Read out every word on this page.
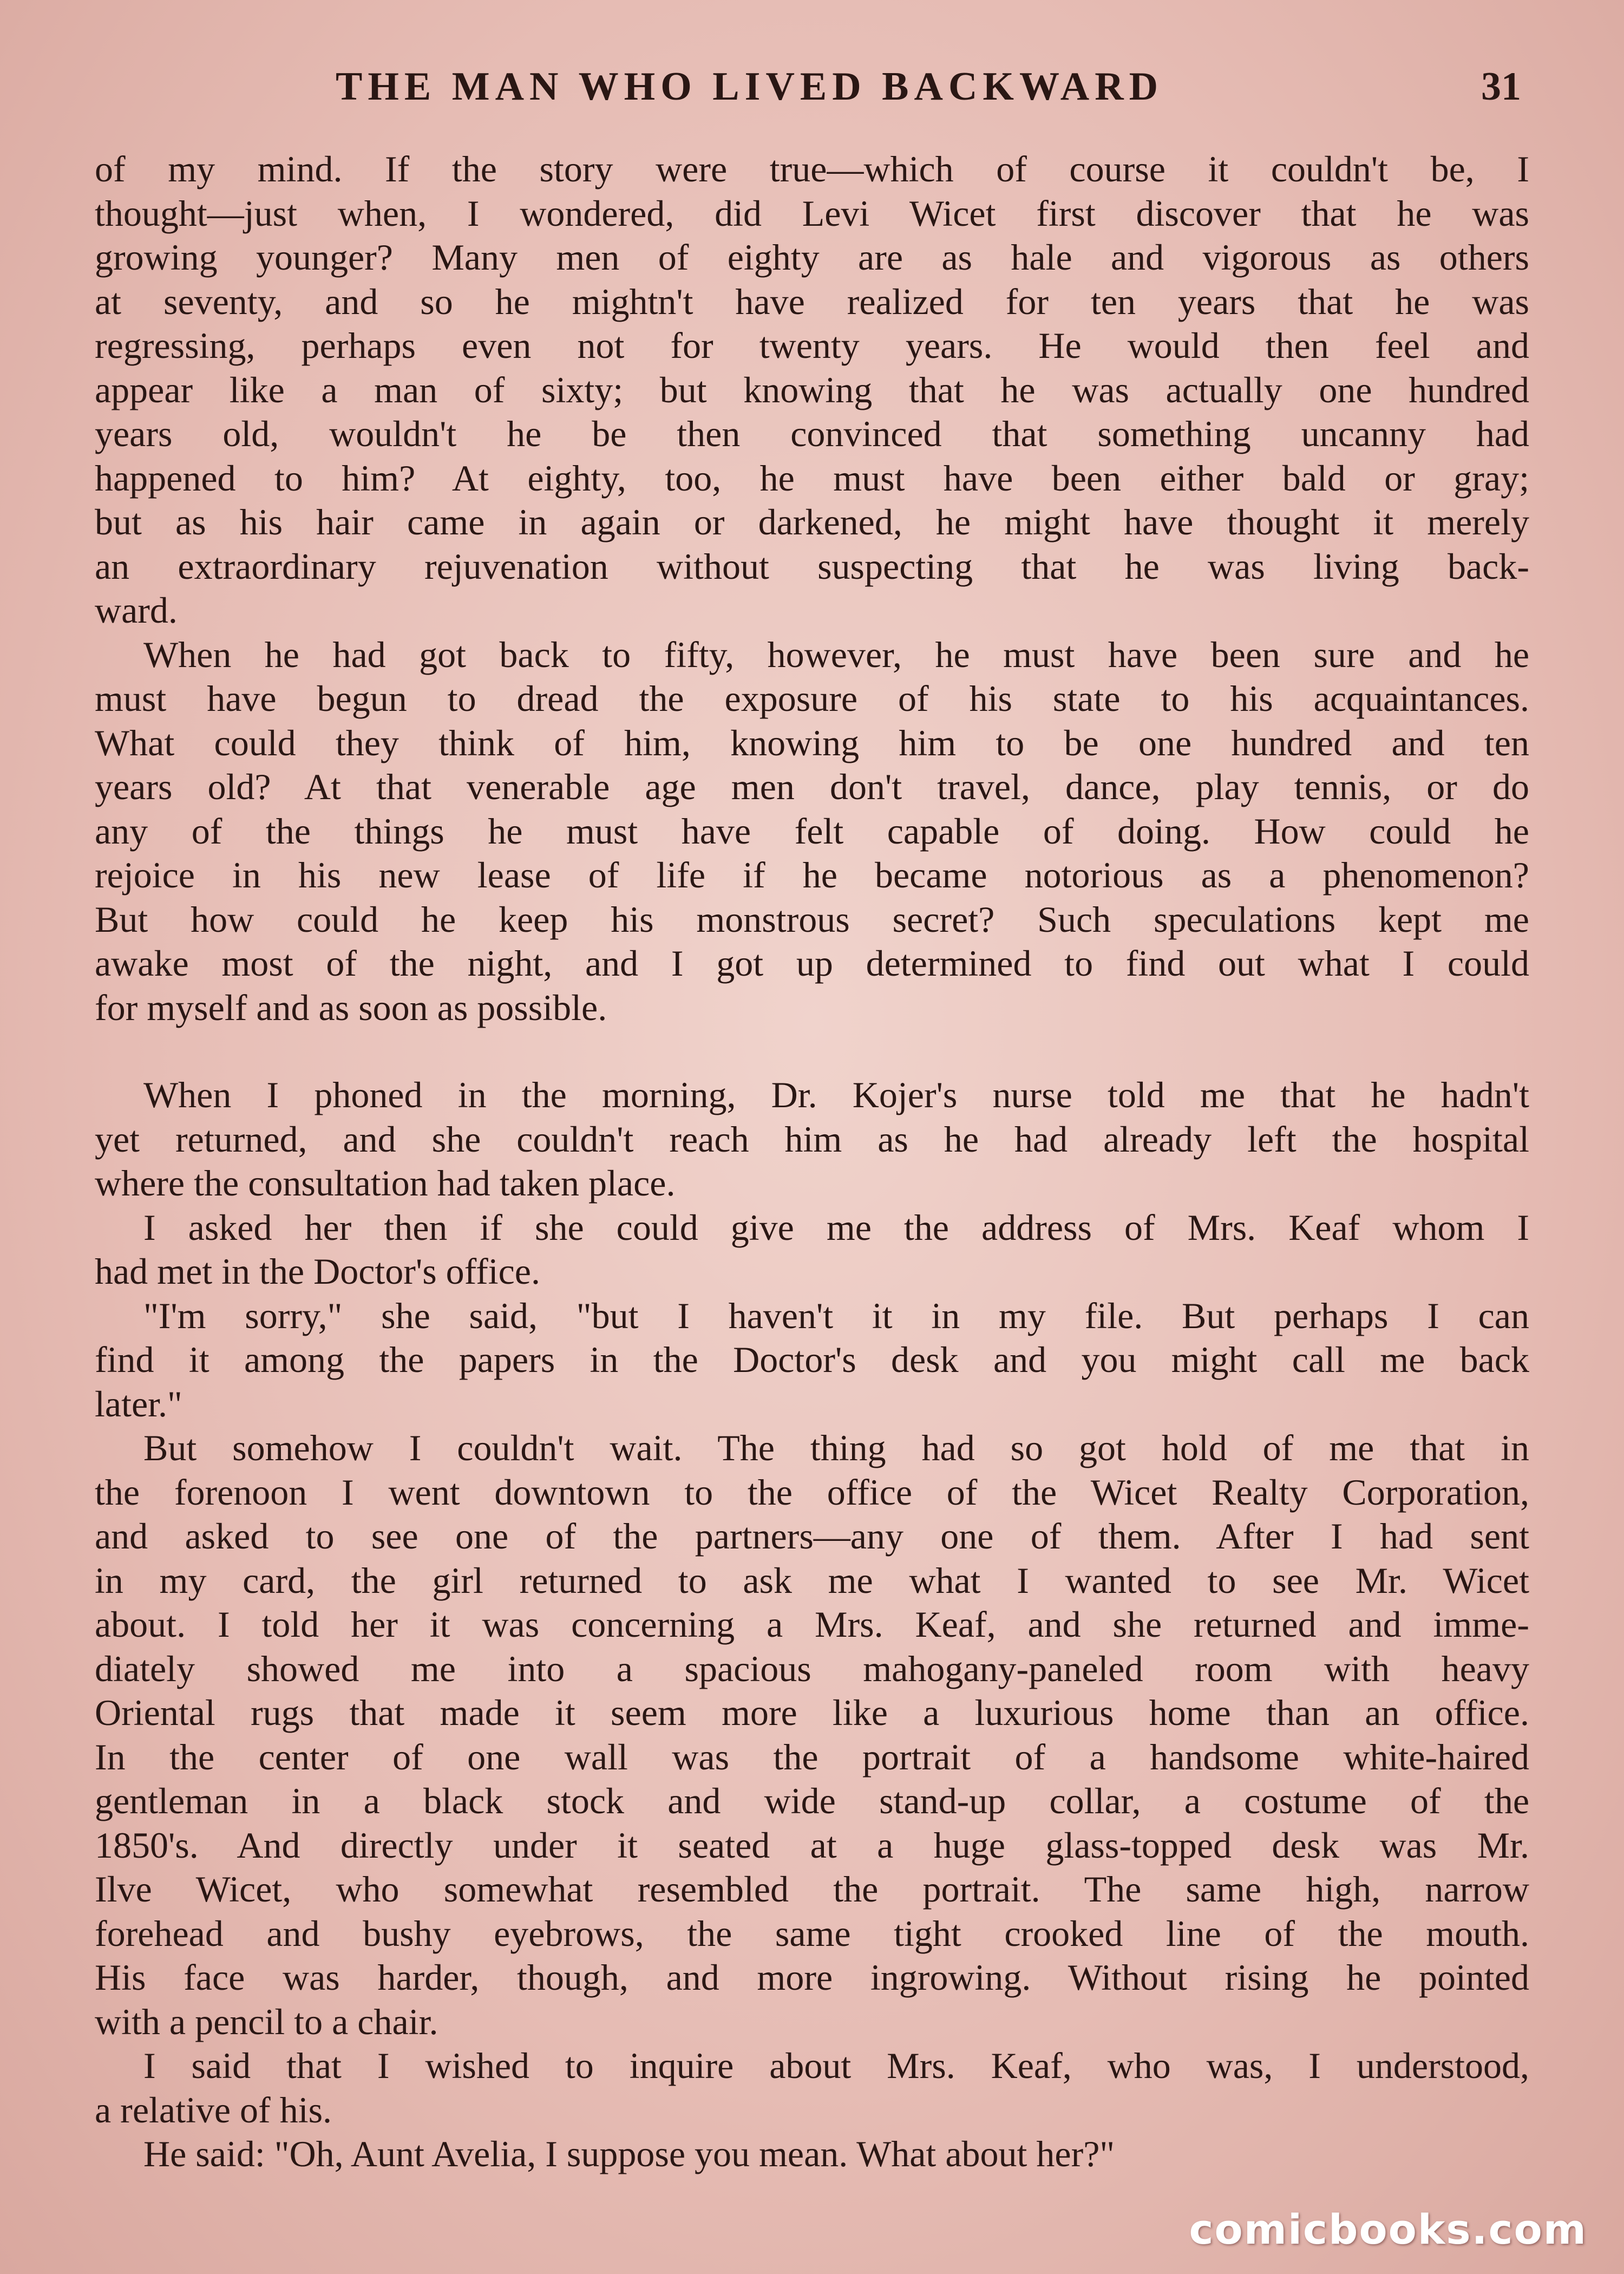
THE MAN WHO LIVED BACKWARD	31
of my mind. If the story were true—which of course it couldn't be, I
thought—just when, I wondered, did Levi Wicet first discover that he was
growing younger? Many men of eighty are as hale and vigorous as others
at seventy, and so he mightn't have realized for ten years that he was
regressing, perhaps even not for twenty years. He would then feel and
appear like a man of sixty; but knowing that he was actually one hundred
years old, wouldn't he be then convinced that something uncanny had
happened to him? At eighty, too, he must have been either bald or gray;
but as his hair came in again or darkened, he might have thought it merely
an extraordinary rejuvenation without suspecting that he was living back-
ward.
When he had got back to fifty, however, he must have been sure and he
must have begun to dread the exposure of his state to his acquaintances.
What could they think of him, knowing him to be one hundred and ten
years old? At that venerable age men don't travel, dance, play tennis, or do
any of the things he must have felt capable of doing. How could he
rejoice in his new lease of life if he became notorious as a phenomenon?
But how could he keep his monstrous secret? Such speculations kept me
awake most of the night, and I got up determined to find out what I could
for myself and as soon as possible.
When I phoned in the morning, Dr. Kojer's nurse told me that he hadn't
yet returned, and she couldn't reach him as he had already left the hospital
where the consultation had taken place.
I asked her then if she could give me the address of Mrs. Keaf whom I
had met in the Doctor's office.
"I'm sorry," she said, "but I haven't it in my file. But perhaps I can
find it among the papers in the Doctor's desk and you might call me back
later."
But somehow I couldn't wait. The thing had so got hold of me that in
the forenoon I went downtown to the office of the Wicet Realty Corporation,
and asked to see one of the partners—any one of them. After I had sent
in my card, the girl returned to ask me what I wanted to see Mr. Wicet
about. I told her it was concerning a Mrs. Keaf, and she returned and imme-
diately showed me into a spacious mahogany-paneled room with heavy
Oriental rugs that made it seem more like a luxurious home than an office.
In the center of one wall was the portrait of a handsome white-haired
gentleman in a black stock and wide stand-up collar, a costume of the
1850's. And directly under it seated at a huge glass-topped desk was Mr.
Ilve Wicet, who somewhat resembled the portrait. The same high, narrow
forehead and bushy eyebrows, the same tight crooked line of the mouth.
His face was harder, though, and more ingrowing. Without rising he pointed
with a pencil to a chair.
I said that I wished to inquire about Mrs. Keaf, who was, I understood,
a relative of his.
He said: "Oh, Aunt Avelia, I suppose you mean. What about her?"
comicbooks.com
